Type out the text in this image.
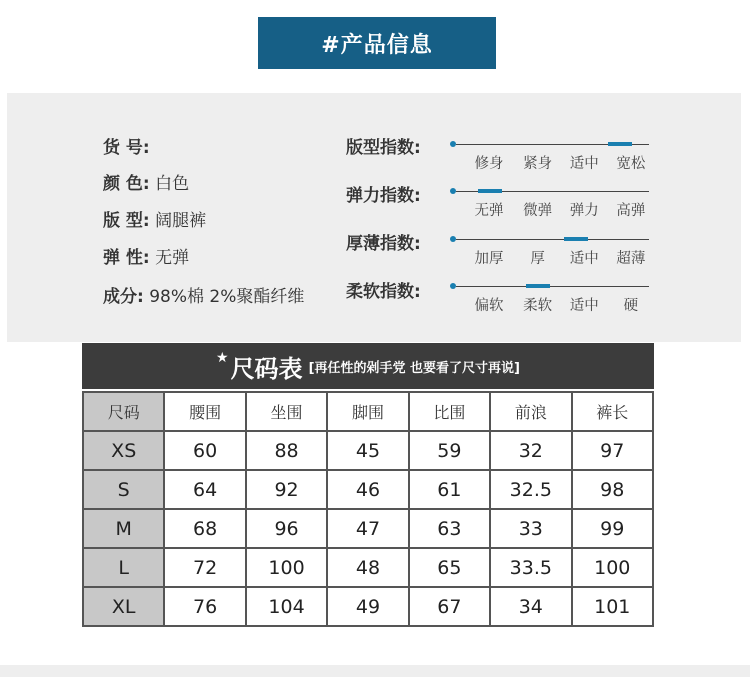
#产品信息
货 号:
颜 色: 白色
版 型: 阔腿裤
弹 性: 无弹
成分: 98%棉 2%聚酯纤维
版型指数:
修身 紧身 适中 宽松
弹力指数:
无弹 微弹 弹力 高弹
厚薄指数:
加厚 厚 适中 超薄
柔软指数:
偏软 柔软 适中 硬
★ 尺码表 [再任性的剁手党 也要看了尺寸再说]
尺码	腰围	坐围	脚围	比围	前浪	裤长
XS	60	88	45	59	32	97
S	64	92	46	61	32.5	98
M	68	96	47	63	33	99
L	72	100	48	65	33.5	100
XL	76	104	49	67	34	101
